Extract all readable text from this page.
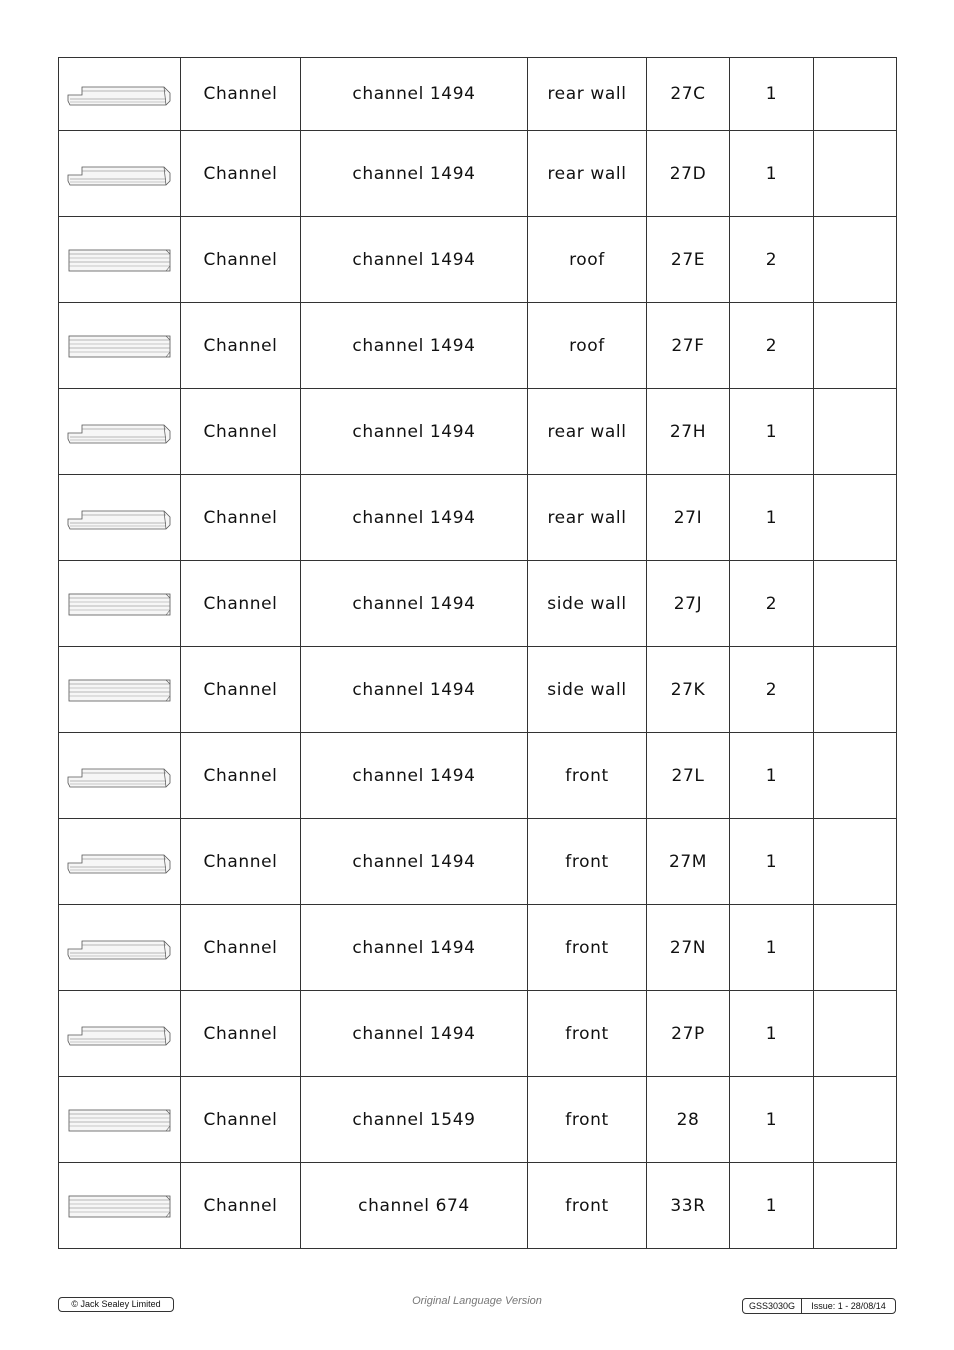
	Channel	channel 1494	rear wall	27C	1	

	Channel	channel 1494	rear wall	27D	1	

	Channel	channel 1494	roof	27E	2	

	Channel	channel 1494	roof	27F	2	

	Channel	channel 1494	rear wall	27H	1	

	Channel	channel 1494	rear wall	27I	1	

	Channel	channel 1494	side wall	27J	2	

	Channel	channel 1494	side wall	27K	2	

	Channel	channel 1494	front	27L	1	

	Channel	channel 1494	front	27M	1	

	Channel	channel 1494	front	27N	1	

	Channel	channel 1494	front	27P	1	

	Channel	channel 1549	front	28	1	

	Channel	channel 674	front	33R	1	
© Jack Sealey Limited	Original Language Version	GSS3030G	Issue: 1 - 28/08/14
